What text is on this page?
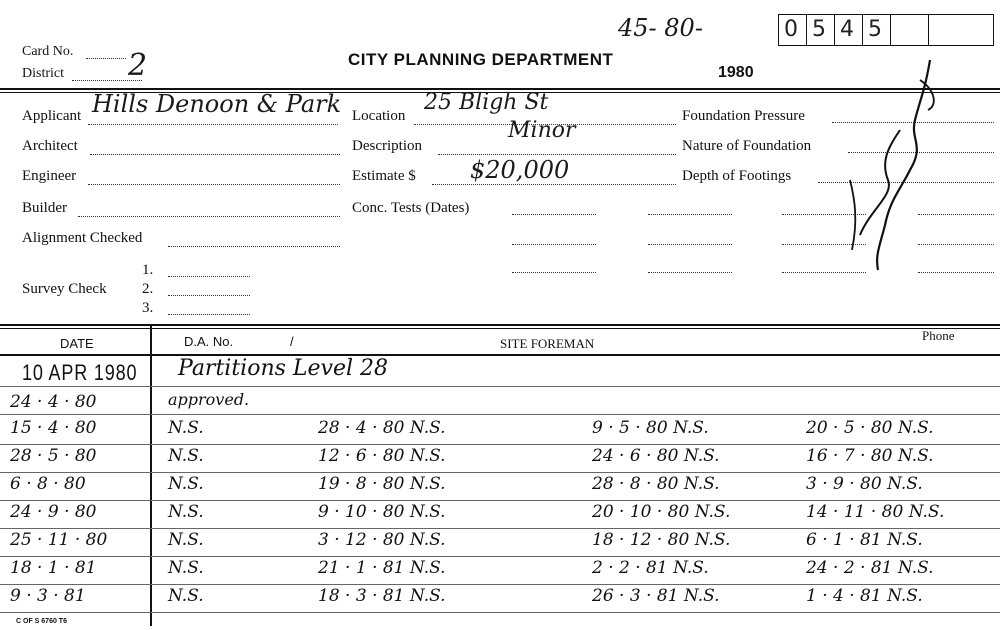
Card No.
District 2	CITY PLANNING DEPARTMENT
45- 80-
1980
0 5 4 5
Applicant Hills Denoon & Park
Architect
Engineer
Builder
Alignment Checked
1.
Survey Check 2.
3.
Location
25 Bligh St
Description
Minor
Estimate $ $20,000
Conc. Tests (Dates)
Foundation Pressure
Nature of Foundation
Depth of Footings
DATE	D.A. No.	/	SITE FOREMAN
Phone
10 APR 1980 Partitions Level 28
24 · 4 · 80	approved.
15 · 4 · 80	N.S.	28 · 4 · 80 N.S.	9 · 5 · 80 N.S.	20 · 5 · 80 N.S.
28 · 5 · 80	N.S.	12 · 6 · 80 N.S.	24 · 6 · 80 N.S.	16 · 7 · 80 N.S.
6 · 8 · 80	N.S.	19 · 8 · 80 N.S.	28 · 8 · 80 N.S.	3 · 9 · 80 N.S.
24 · 9 · 80	N.S.	9 · 10 · 80 N.S.	20 · 10 · 80 N.S.	14 · 11 · 80 N.S.
25 · 11 · 80	N.S.	3 · 12 · 80 N.S.	18 · 12 · 80 N.S.	6 · 1 · 81 N.S.
18 · 1 · 81	N.S.	21 · 1 · 81 N.S.	2 · 2 · 81 N.S.	24 · 2 · 81 N.S.
9 · 3 · 81	N.S.	18 · 3 · 81 N.S.	26 · 3 · 81 N.S.	1 · 4 · 81 N.S.
C OF S 6760 T6
